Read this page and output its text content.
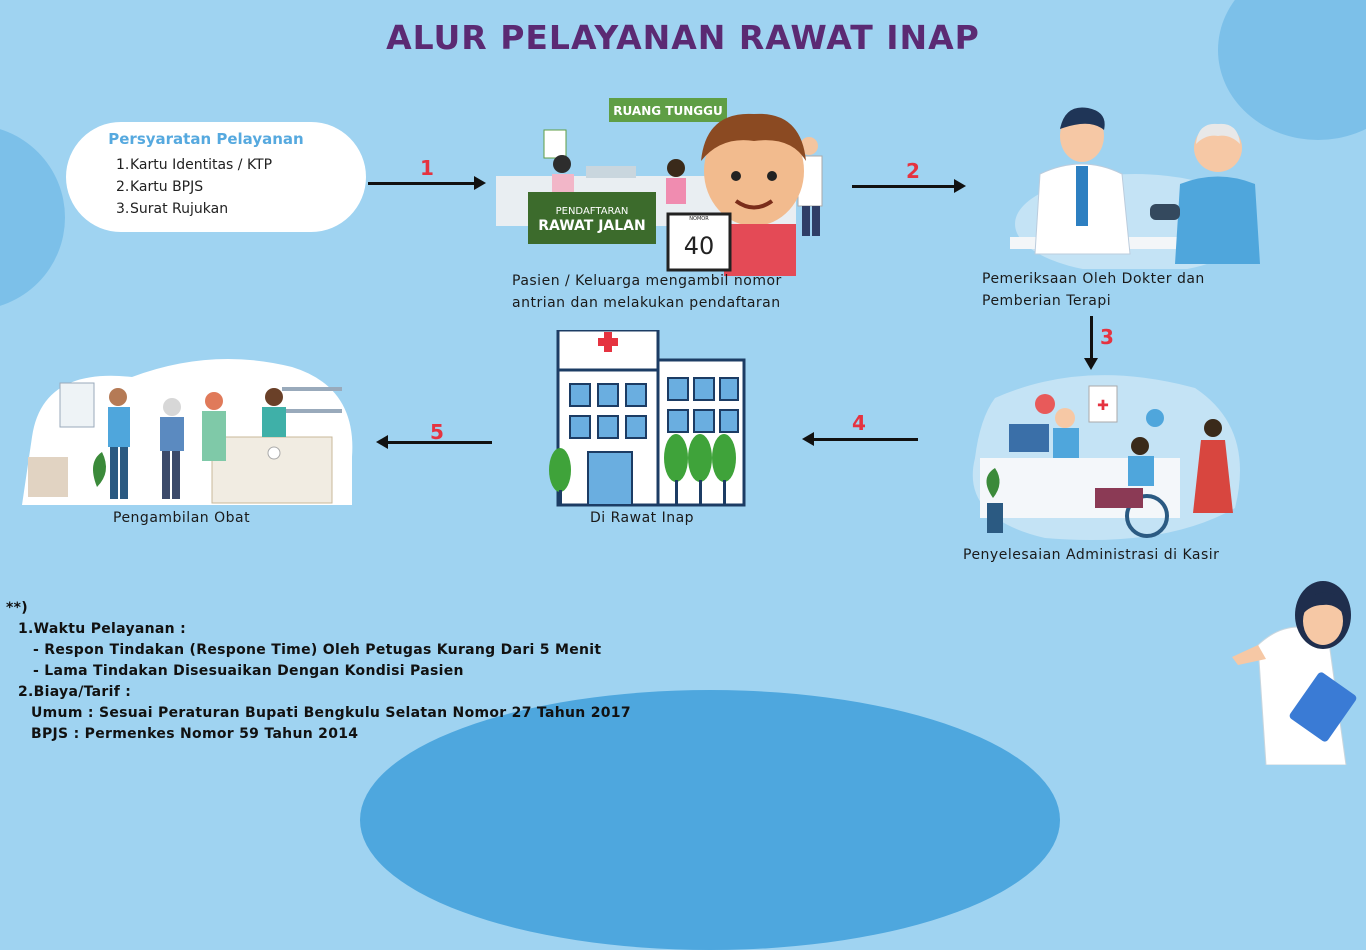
ALUR PELAYANAN RAWAT INAP
Persyaratan Pelayanan
1.Kartu Identitas / KTP
2.Kartu BPJS
3.Surat Rujukan
1	2
3
4
5
RUANG TUNGGU
PENDAFTARAN
RAWAT JALAN	NOMOR
40
Pasien / Keluarga mengambil nomor
antrian dan melakukan pendaftaran
Pemeriksaan Oleh Dokter dan
Pemberian Terapi
✚
Penyelesaian Administrasi di Kasir
Di Rawat Inap
Pengambilan Obat
**)
1.Waktu Pelayanan :
- Respon Tindakan (Respone Time) Oleh Petugas Kurang Dari 5 Menit
- Lama Tindakan Disesuaikan Dengan Kondisi Pasien
2.Biaya/Tarif :
Umum : Sesuai Peraturan Bupati Bengkulu Selatan Nomor 27 Tahun 2017
BPJS : Permenkes Nomor 59 Tahun 2014
